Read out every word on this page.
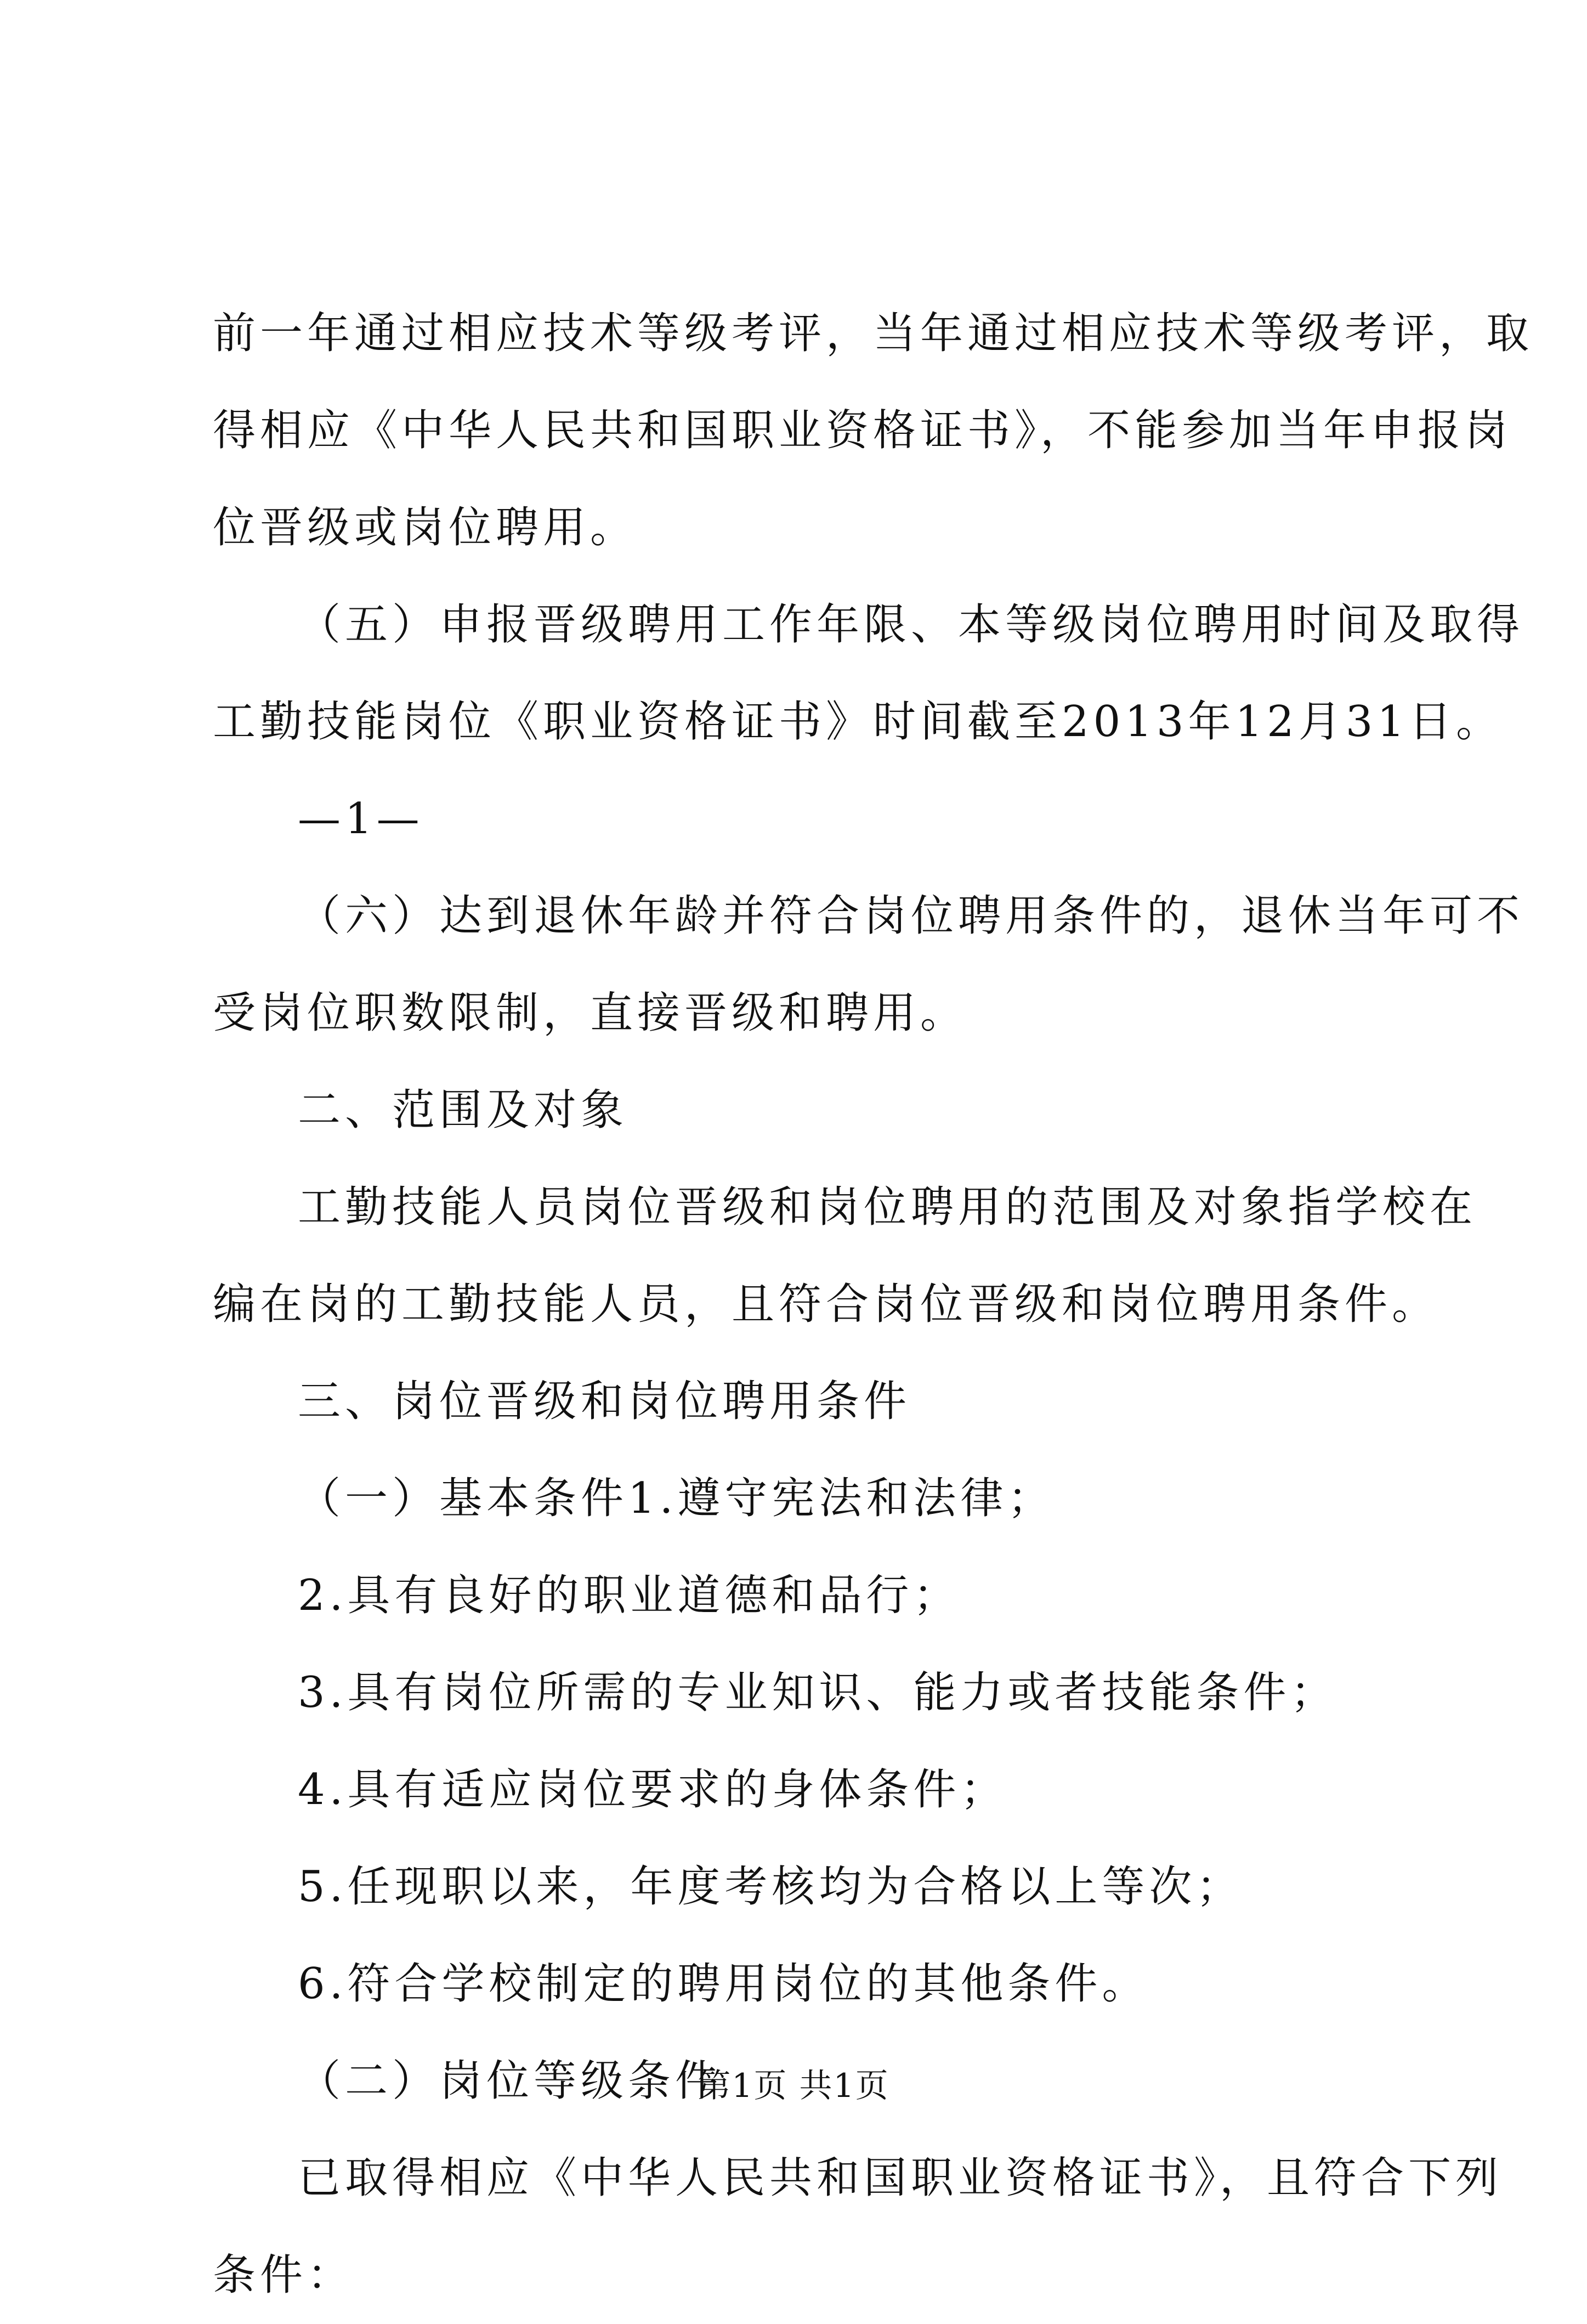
前一年通过相应技术等级考评，当年通过相应技术等级考评，取

得相应《中华人民共和国职业资格证书》，不能参加当年申报岗

位晋级或岗位聘用。

（五）申报晋级聘用工作年限、本等级岗位聘用时间及取得

工勤技能岗位《职业资格证书》时间截至2013年12月31日。

—1—

（六）达到退休年龄并符合岗位聘用条件的，退休当年可不

受岗位职数限制，直接晋级和聘用。

二、范围及对象

工勤技能人员岗位晋级和岗位聘用的范围及对象指学校在

编在岗的工勤技能人员，且符合岗位晋级和岗位聘用条件。

三、岗位晋级和岗位聘用条件

（一）基本条件1.遵守宪法和法律；

2.具有良好的职业道德和品行；

3.具有岗位所需的专业知识、能力或者技能条件；

4.具有适应岗位要求的身体条件；

5.任现职以来，年度考核均为合格以上等次；

6.符合学校制定的聘用岗位的其他条件。

（二）岗位等级条件

已取得相应《中华人民共和国职业资格证书》，且符合下列

条件：

第1页 共1页
